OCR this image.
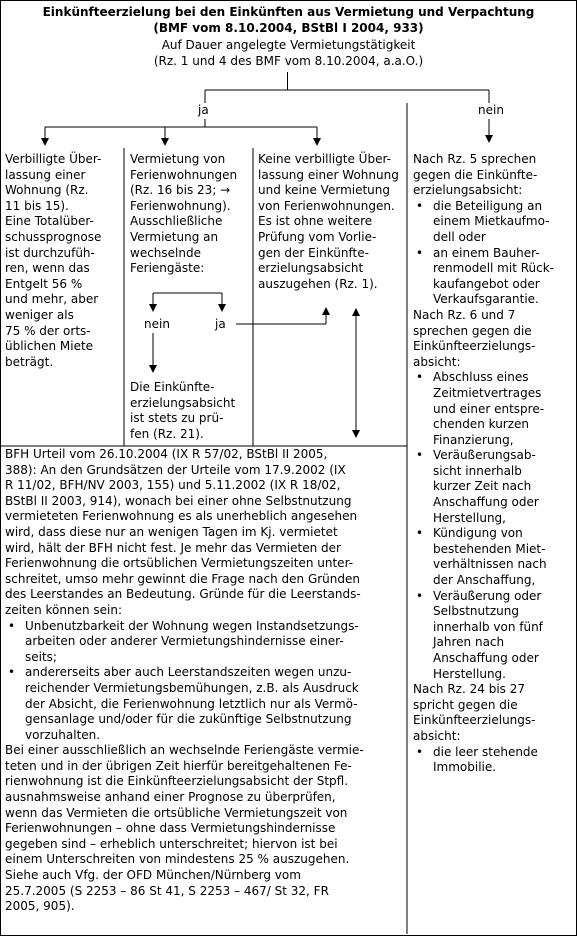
Einkünfteerzielung bei den Einkünften aus Vermietung und Verpachtung
(BMF vom 8.10.2004, BStBl I 2004, 933)
Auf Dauer angelegte Vermietungstätigkeit
(Rz. 1 und 4 des BMF vom 8.10.2004, a.a.O.)
ja	nein
Verbilligte Über-
lassung einer
Wohnung (Rz.
11 bis 15).
Eine Totalüber-
schussprognose
ist durchzufüh-
ren, wenn das
Entgelt 56 %
und mehr, aber
weniger als
75 % der orts-
üblichen Miete
beträgt.
Vermietung von
Ferienwohnungen
(Rz. 16 bis 23; →
Ferienwohnung).
Ausschließliche
Vermietung an
wechselnde
Feriengäste:
nein	ja
Die Einkünfte-
erzielungsabsicht
ist stets zu prü-
fen (Rz. 21).
Keine verbilligte Über-
lassung einer Wohnung
und keine Vermietung
von Ferienwohnungen.
Es ist ohne weitere
Prüfung vom Vorlie-
gen der Einkünfte-
erzielungsabsicht
auszugehen (Rz. 1).
Nach Rz. 5 sprechen
gegen die Einkünfte-
erzielungsabsicht:
• die Beteiligung an
einem Mietkaufmo-
dell oder
• an einem Bauher-
renmodell mit Rück-
kaufangebot oder
Verkaufsgarantie.
Nach Rz. 6 und 7
sprechen gegen die
Einkünfteerzielungs-
absicht:
• Abschluss eines
Zeitmietvertrages
und einer entspre-
chenden kurzen
Finanzierung,
• Veräußerungsab-
sicht innerhalb
kurzer Zeit nach
Anschaffung oder
Herstellung,
• Kündigung von
bestehenden Miet-
verhältnissen nach
der Anschaffung,
• Veräußerung oder
Selbstnutzung
innerhalb von fünf
Jahren nach
Anschaffung oder
Herstellung.
Nach Rz. 24 bis 27
spricht gegen die
Einkünfteerzielungs-
absicht:
• die leer stehende
Immobilie.
BFH Urteil vom 26.10.2004 (IX R 57/02, BStBl II 2005,
388): An den Grundsätzen der Urteile vom 17.9.2002 (IX
R 11/02, BFH/NV 2003, 155) und 5.11.2002 (IX R 18/02,
BStBl II 2003, 914), wonach bei einer ohne Selbstnutzung
vermieteten Ferienwohnung es als unerheblich angesehen
wird, dass diese nur an wenigen Tagen im Kj. vermietet
wird, hält der BFH nicht fest. Je mehr das Vermieten der
Ferienwohnung die ortsüblichen Vermietungszeiten unter-
schreitet, umso mehr gewinnt die Frage nach den Gründen
des Leerstandes an Bedeutung. Gründe für die Leerstands-
zeiten können sein:
• Unbenutzbarkeit der Wohnung wegen Instandsetzungs-
arbeiten oder anderer Vermietungshindernisse einer-
seits;
• andererseits aber auch Leerstandszeiten wegen unzu-
reichender Vermietungsbemühungen, z.B. als Ausdruck
der Absicht, die Ferienwohnung letztlich nur als Vermö-
gensanlage und/oder für die zukünftige Selbstnutzung
vorzuhalten.
Bei einer ausschließlich an wechselnde Feriengäste vermie-
teten und in der übrigen Zeit hierfür bereitgehaltenen Fe-
rienwohnung ist die Einkünfteerzielungsabsicht der Stpfl.
ausnahmsweise anhand einer Prognose zu überprüfen,
wenn das Vermieten die ortsübliche Vermietungszeit von
Ferienwohnungen – ohne dass Vermietungshindernisse
gegeben sind – erheblich unterschreitet; hiervon ist bei
einem Unterschreiten von mindestens 25 % auszugehen.
Siehe auch Vfg. der OFD München/Nürnberg vom
25.7.2005 (S 2253 – 86 St 41, S 2253 – 467/ St 32, FR
2005, 905).
